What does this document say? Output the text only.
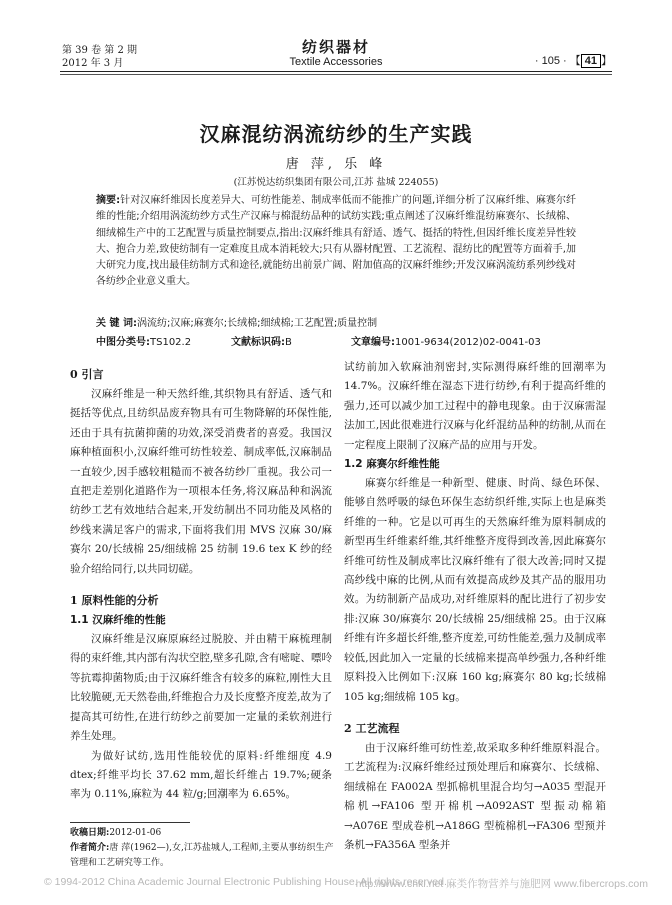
第 39 卷 第 2 期
2012 年 3 月
纺织器材
Textile Accessories	· 105 · 【 41 】
汉麻混纺涡流纺纱的生产实践
唐 萍, 乐 峰
(江苏悦达纺织集团有限公司,江苏 盐城 224055)
摘要:针对汉麻纤维因长度差异大、可纺性能差、制成率低而不能推广的问题,详细分析了汉麻纤维、麻赛尔纤维的性能;介绍用涡流纺纱方式生产汉麻与棉混纺品种的试纺实践;重点阐述了汉麻纤维混纺麻赛尔、长绒棉、细绒棉生产中的工艺配置与质量控制要点,指出:汉麻纤维具有舒适、透气、挺括的特性,但因纤维长度差异性较大、抱合力差,致使纺制有一定难度且成本消耗较大;只有从器材配置、工艺流程、混纺比的配置等方面着手,加大研究力度,找出最佳纺制方式和途径,就能纺出前景广阔、附加值高的汉麻纤维纱;开发汉麻涡流纺系列纱线对各纺纱企业意义重大。
关 键 词:涡流纺;汉麻;麻赛尔;长绒棉;细绒棉;工艺配置;质量控制
中图分类号:TS102.2	文献标识码:B	文章编号:1001-9634(2012)02-0041-03
0 引言

汉麻纤维是一种天然纤维,其织物具有舒适、透气和挺括等优点,且纺织品废弃物具有可生物降解的环保性能,还由于具有抗菌抑菌的功效,深受消费者的喜爱。我国汉麻种植面积小,汉麻纤维可纺性较差、制成率低,汉麻制品一直较少,因手感较粗糙而不被各纺纱厂重视。我公司一直把走差别化道路作为一项根本任务,将汉麻品种和涡流纺纱工艺有效地结合起来,开发纺制出不同功能及风格的纱线来满足客户的需求,下面将我们用 MVS 汉麻 30/麻赛尔 20/长绒棉 25/细绒棉 25 纺制 19.6 tex K 纱的经验介绍给同行,以共同切磋。

1 原料性能的分析
1.1 汉麻纤维的性能

汉麻纤维是汉麻原麻经过脱胶、并由精干麻梳理制得的束纤维,其内部有沟状空腔,壁多孔隙,含有嘧啶、嘌呤等抗霉抑菌物质;由于汉麻纤维含有较多的麻粒,刚性大且比较脆硬,无天然卷曲,纤维抱合力及长度整齐度差,故为了提高其可纺性,在进行纺纱之前要加一定量的柔软剂进行养生处理。

为做好试纺,选用性能较优的原料:纤维细度 4.9 dtex;纤维平均长 37.62 mm,超长纤维占 19.7%;硬条率为 0.11%,麻粒为 44 粒/g;回潮率为 6.65%。

试纺前加入软麻油剂密封,实际测得麻纤维的回潮率为 14.7%。汉麻纤维在湿态下进行纺纱,有利于提高纤维的强力,还可以减少加工过程中的静电现象。由于汉麻需湿法加工,因此很难进行汉麻与化纤混纺品种的纺制,从而在一定程度上限制了汉麻产品的应用与开发。

1.2 麻赛尔纤维性能

麻赛尔纤维是一种新型、健康、时尚、绿色环保、能够自然呼吸的绿色环保生态纺织纤维,实际上也是麻类纤维的一种。它是以可再生的天然麻纤维为原料制成的新型再生纤维素纤维,其纤维整齐度得到改善,因此麻赛尔纤维可纺性及制成率比汉麻纤维有了很大改善;同时又提高纱线中麻的比例,从而有效提高成纱及其产品的服用功效。为纺制新产品成功,对纤维原料的配比进行了初步安排:汉麻 30/麻赛尔 20/长绒棉 25/细绒棉 25。由于汉麻纤维有许多超长纤维,整齐度差,可纺性能差,强力及制成率较低,因此加入一定量的长绒棉来提高单纱强力,各种纤维原料投入比例如下:汉麻 160 kg;麻赛尔 80 kg;长绒棉 105 kg;细绒棉 105 kg。

2 工艺流程

由于汉麻纤维可纺性差,故采取多种纤维原料混合。工艺流程为:汉麻纤维经过预处理后和麻赛尔、长绒棉、细绒棉在 FA002A 型抓棉机里混合均匀→A035 型混开棉机→FA106 型开棉机→A092AST 型振动棉箱→A076E 型成卷机→A186G 型梳棉机→FA306 型预并条机→FA356A 型条并

收稿日期:2012-01-06
作者简介:唐 萍(1962—),女,江苏盐城人,工程师,主要从事纺织生产管理和工艺研究等工作。
© 1994-2012 China Academic Journal Electronic Publishing House. All rights reserved.
http://www.cnki.net 麻类作物营养与施肥网 www.fibercrops.com
